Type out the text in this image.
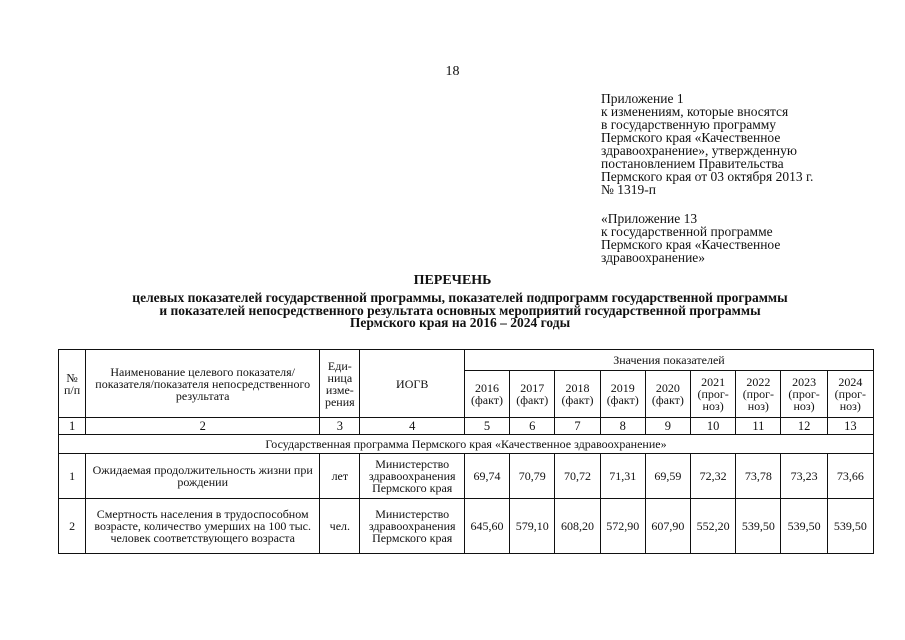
18
Приложение 1
к изменениям, которые вносятся
в государственную программу
Пермского края «Качественное
здравоохранение», утвержденную
постановлением Правительства
Пермского края от 03 октября 2013 г.
№ 1319-п
«Приложение 13
к государственной программе
Пермского края «Качественное
здравоохранение»
ПЕРЕЧЕНЬ
целевых показателей государственной программы, показателей подпрограмм государственной программы
и показателей непосредственного результата основных мероприятий государственной программы
Пермского края на 2016 – 2024 годы
№ п/п	Наименование целевого показателя/показателя/показателя непосредственного результата	Еди-ница изме-рения	ИОГВ	Значения показателей								
				2016 (факт)	2017 (факт)	2018 (факт)	2019 (факт)	2020 (факт)	2021 (прог-ноз)	2022 (прог-ноз)	2023 (прог-ноз)	2024 (прог-ноз)
1	2	3	4	5	6	7	8	9	10	11	12	13
Государственная программа Пермского края «Качественное здравоохранение»												
1	Ожидаемая продолжительность жизни при рождении	лет	Министерство здравоохранения Пермского края	69,74	70,79	70,72	71,31	69,59	72,32	73,78	73,23	73,66
2	Смертность населения в трудоспособном возрасте, количество умерших на 100 тыс. человек соответствующего возраста	чел.	Министерство здравоохранения Пермского края	645,60	579,10	608,20	572,90	607,90	552,20	539,50	539,50	539,50
